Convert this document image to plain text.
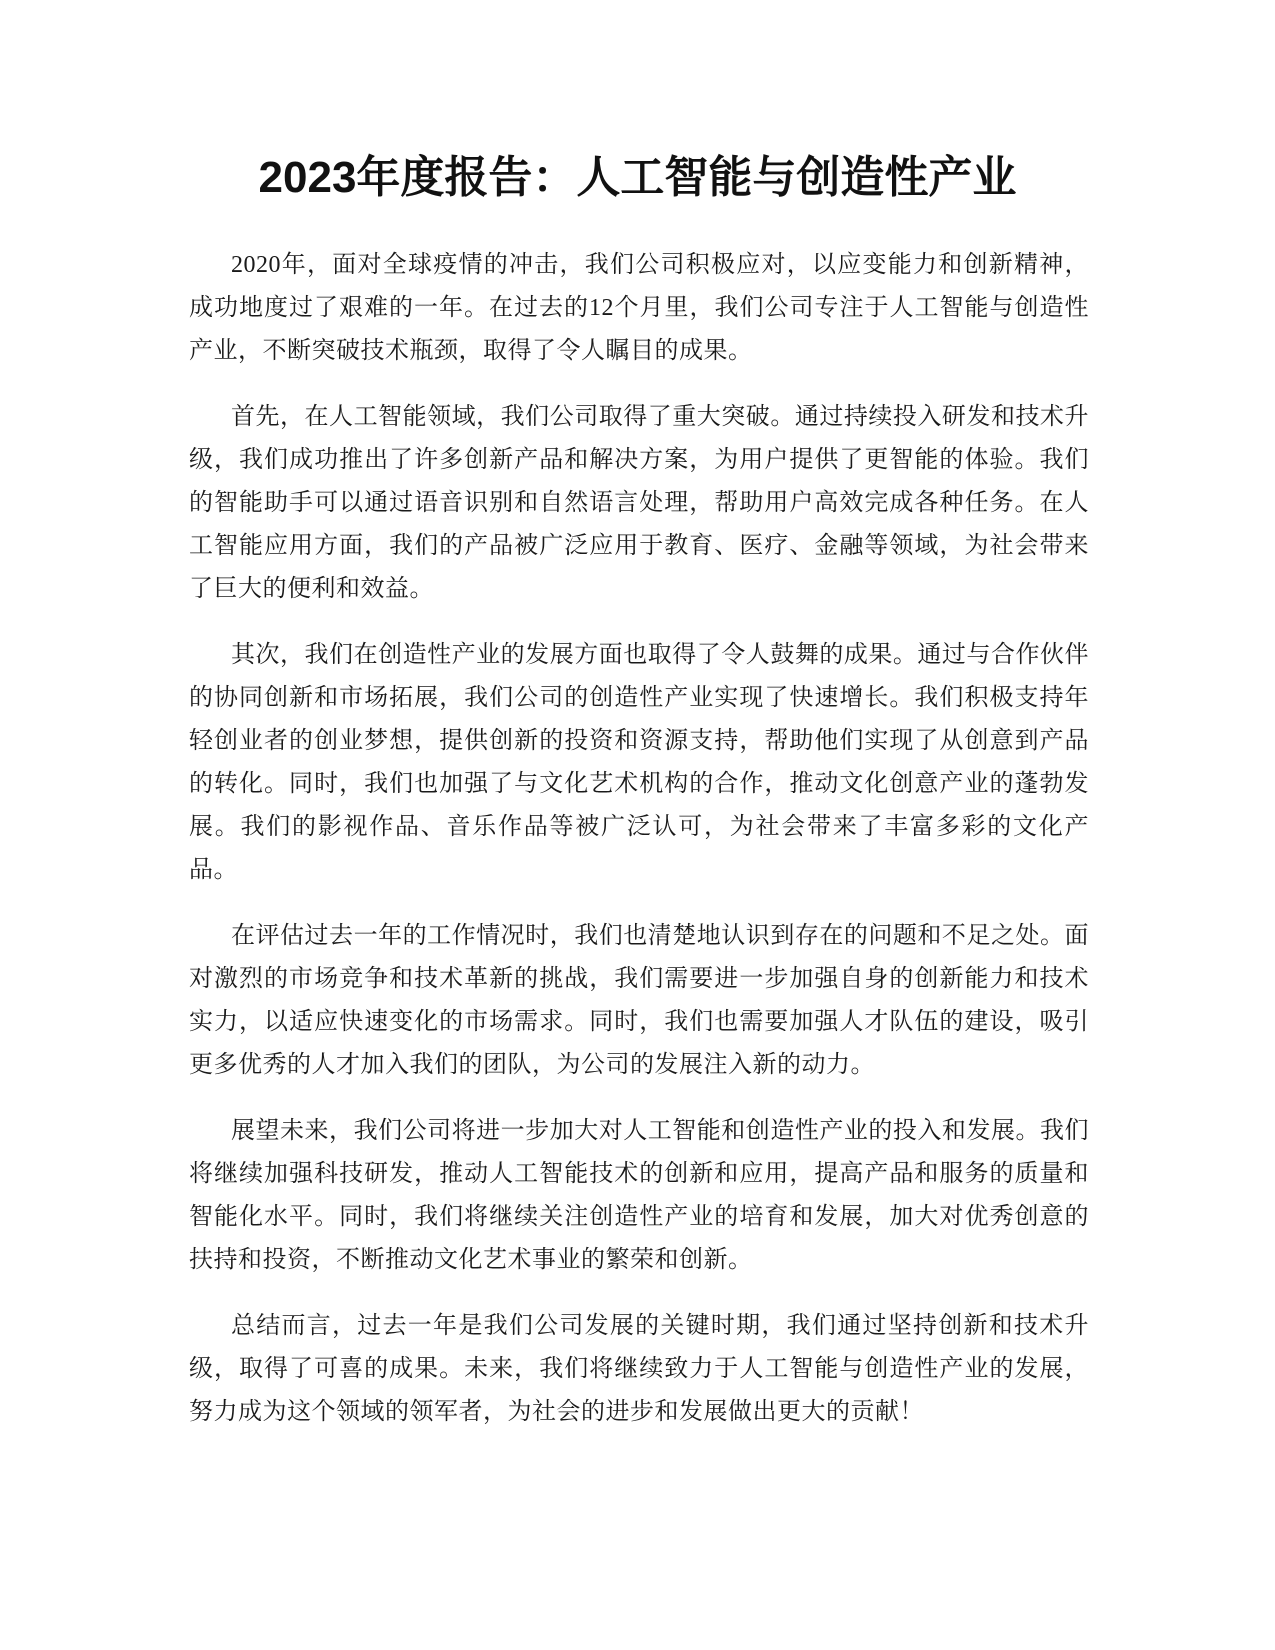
2023年度报告：人工智能与创造性产业

2020年，面对全球疫情的冲击，我们公司积极应对，以应变能力和创新精神，成功地度过了艰难的一年。在过去的12个月里，我们公司专注于人工智能与创造性产业，不断突破技术瓶颈，取得了令人瞩目的成果。

首先，在人工智能领域，我们公司取得了重大突破。通过持续投入研发和技术升级，我们成功推出了许多创新产品和解决方案，为用户提供了更智能的体验。我们的智能助手可以通过语音识别和自然语言处理，帮助用户高效完成各种任务。在人工智能应用方面，我们的产品被广泛应用于教育、医疗、金融等领域，为社会带来了巨大的便利和效益。

其次，我们在创造性产业的发展方面也取得了令人鼓舞的成果。通过与合作伙伴的协同创新和市场拓展，我们公司的创造性产业实现了快速增长。我们积极支持年轻创业者的创业梦想，提供创新的投资和资源支持，帮助他们实现了从创意到产品的转化。同时，我们也加强了与文化艺术机构的合作，推动文化创意产业的蓬勃发展。我们的影视作品、音乐作品等被广泛认可，为社会带来了丰富多彩的文化产品。

在评估过去一年的工作情况时，我们也清楚地认识到存在的问题和不足之处。面对激烈的市场竞争和技术革新的挑战，我们需要进一步加强自身的创新能力和技术实力，以适应快速变化的市场需求。同时，我们也需要加强人才队伍的建设，吸引更多优秀的人才加入我们的团队，为公司的发展注入新的动力。

展望未来，我们公司将进一步加大对人工智能和创造性产业的投入和发展。我们将继续加强科技研发，推动人工智能技术的创新和应用，提高产品和服务的质量和智能化水平。同时，我们将继续关注创造性产业的培育和发展，加大对优秀创意的扶持和投资，不断推动文化艺术事业的繁荣和创新。

总结而言，过去一年是我们公司发展的关键时期，我们通过坚持创新和技术升级，取得了可喜的成果。未来，我们将继续致力于人工智能与创造性产业的发展，努力成为这个领域的领军者，为社会的进步和发展做出更大的贡献！
